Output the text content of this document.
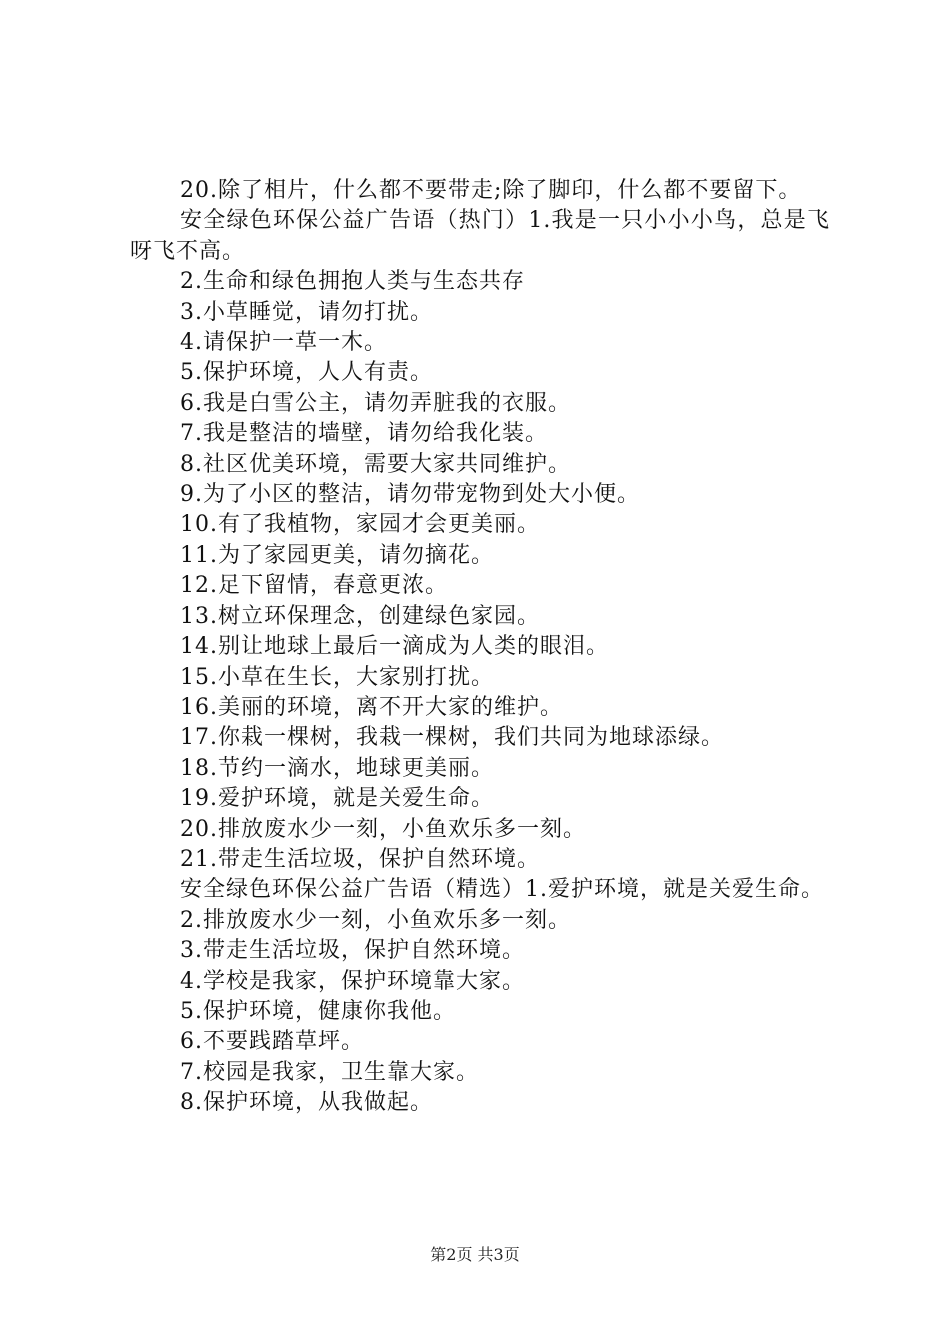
20.除了相片，什么都不要带走;除了脚印，什么都不要留下。

安全绿色环保公益广告语（热门）1.我是一只小小小鸟，总是飞呀飞不高。

2.生命和绿色拥抱人类与生态共存

3.小草睡觉，请勿打扰。

4.请保护一草一木。

5.保护环境，人人有责。

6.我是白雪公主，请勿弄脏我的衣服。

7.我是整洁的墙壁，请勿给我化装。

8.社区优美环境，需要大家共同维护。

9.为了小区的整洁，请勿带宠物到处大小便。

10.有了我植物，家园才会更美丽。

11.为了家园更美，请勿摘花。

12.足下留情，春意更浓。

13.树立环保理念，创建绿色家园。

14.别让地球上最后一滴成为人类的眼泪。

15.小草在生长，大家别打扰。

16.美丽的环境，离不开大家的维护。

17.你栽一棵树，我栽一棵树，我们共同为地球添绿。

18.节约一滴水，地球更美丽。

19.爱护环境，就是关爱生命。

20.排放废水少一刻，小鱼欢乐多一刻。

21.带走生活垃圾，保护自然环境。

安全绿色环保公益广告语（精选）1.爱护环境，就是关爱生命。

2.排放废水少一刻，小鱼欢乐多一刻。

3.带走生活垃圾，保护自然环境。

4.学校是我家，保护环境靠大家。

5.保护环境，健康你我他。

6.不要践踏草坪。

7.校园是我家，卫生靠大家。

8.保护环境，从我做起。

第2页 共3页
